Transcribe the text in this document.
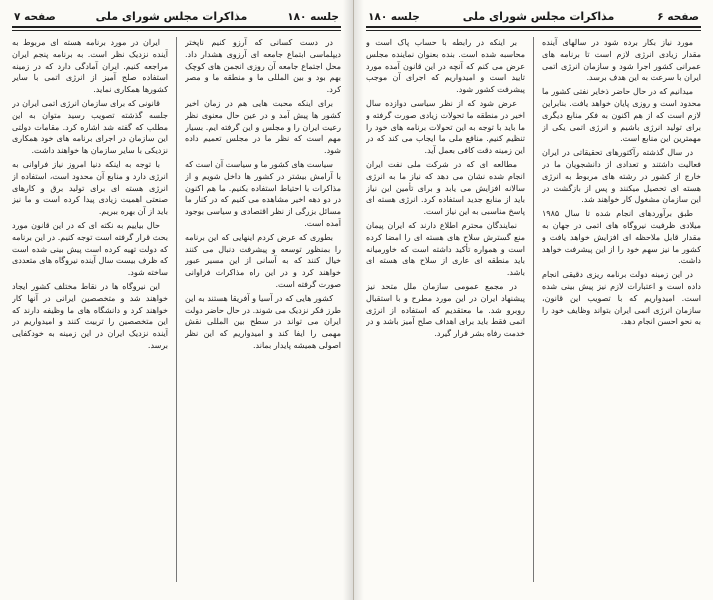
جلسه ۱۸۰
مذاکرات مجلس شورای ملی
صفحه ۷

در دست کسانی که آرزو کنیم ناپختر دیپلماسی ابتماع جامعه ای آرزوی هشدار داد. محل اجتماع جامعه آن روزی انجمن های کوچک بهم بود و بین المللی ما و منطقه ما و مصر کرد.

برای اینکه محبت هایی هم در زمان اخیر کشور ها پیش آمد و در عین حال معنوی نظر رعیت ایران را و مجلس و این گرفته ایم. بسیار مهم است که نظر ما در مجلس تعمیم داده شود.

سیاست های کشور ما و سیاست آن است که با آرامش بیشتر در کشور ها داخل شویم و از مذاکرات با احتیاط استفاده بکنیم. ما هم اکنون در دو دهه اخیر مشاهده می کنیم که در کنار ما مسائل بزرگی از نظر اقتصادی و سیاسی بوجود آمده است.

بطوری که عرض کردم اینهایی که این برنامه را بمنظور توسعه و پیشرفت دنبال می کنند خیال کنند که به آسانی از این مسیر عبور خواهند کرد و در این راه مذاکرات فراوانی صورت گرفته است.

کشور هایی که در آسیا و آفریقا هستند به این طرز فکر نزدیک می شوند. در حال حاضر دولت ایران می تواند در سطح بین المللی نقش مهمی را ایفا کند و امیدواریم که این نظر اصولی همیشه پایدار بماند.

ایران در مورد برنامه هسته ای مربوط به آینده نزدیک نظر است. به برنامه پنجم ایران مراجعه کنیم. ایران آمادگی دارد که در زمینه استفاده صلح آمیز از انرژی اتمی با سایر کشورها همکاری نماید.

قانونی که برای سازمان انرژی اتمی ایران در جلسه گذشته تصویب رسید متوان به این مطلب که گفته شد اشاره کرد. مقامات دولتی این سازمان در اجرای برنامه های خود همکاری نزدیکی با سایر سازمان ها خواهند داشت.

با توجه به اینکه دنیا امروز نیاز فراوانی به انرژی دارد و منابع آن محدود است، استفاده از انرژی هسته ای برای تولید برق و کارهای صنعتی اهمیت زیادی پیدا کرده است و ما نیز باید از آن بهره ببریم.

حال بیاییم به نکته ای که در این قانون مورد بحث قرار گرفته است توجه کنیم. در این برنامه که دولت تهیه کرده است پیش بینی شده است که ظرف بیست سال آینده نیروگاه های متعددی ساخته شود.

این نیروگاه ها در نقاط مختلف کشور ایجاد خواهند شد و متخصصین ایرانی در آنها کار خواهند کرد و دانشگاه های ما وظیفه دارند که این متخصصین را تربیت کنند و امیدواریم در آینده نزدیک ایران در این زمینه به خودکفایی برسد.

صفحه ۶
مذاکرات مجلس شورای ملی
جلسه ۱۸۰

مورد نیاز بکار برده شود در سالهای آینده مقدار زیادی انرژی لازم است تا برنامه های عمرانی کشور اجرا شود و سازمان انرژی اتمی ایران با سرعت به این هدف برسد.

میدانیم که در حال حاضر ذخایر نفتی کشور ما محدود است و روزی پایان خواهد یافت. بنابراین لازم است که از هم اکنون به فکر منابع دیگری برای تولید انرژی باشیم و انرژی اتمی یکی از مهمترین این منابع است.

در سال گذشته رآکتورهای تحقیقاتی در ایران فعالیت داشتند و تعدادی از دانشجویان ما در خارج از کشور در رشته های مربوط به انرژی هسته ای تحصیل میکنند و پس از بازگشت در این سازمان مشغول کار خواهند شد.

طبق برآوردهای انجام شده تا سال ۱۹۸۵ میلادی ظرفیت نیروگاه های اتمی در جهان به مقدار قابل ملاحظه ای افزایش خواهد یافت و کشور ما نیز سهم خود را از این پیشرفت خواهد داشت.

در این زمینه دولت برنامه ریزی دقیقی انجام داده است و اعتبارات لازم نیز پیش بینی شده است. امیدواریم که با تصویب این قانون، سازمان انرژی اتمی ایران بتواند وظایف خود را به نحو احسن انجام دهد.

بر اینکه در رابطه با حساب پاک است و محاسبه شده است. بنده بعنوان نماینده مجلس عرض می کنم که آنچه در این قانون آمده مورد تایید است و امیدواریم که اجرای آن موجب پیشرفت کشور شود.

عرض شود که از نظر سیاسی دوازده سال اخیر در منطقه ما تحولات زیادی صورت گرفته و ما باید با توجه به این تحولات برنامه های خود را تنظیم کنیم. منافع ملی ما ایجاب می کند که در این زمینه دقت کافی بعمل آید.

مطالعه ای که در شرکت ملی نفت ایران انجام شده نشان می دهد که نیاز ما به انرژی سالانه افزایش می یابد و برای تأمین این نیاز باید از منابع جدید استفاده کرد. انرژی هسته ای پاسخ مناسبی به این نیاز است.

نمایندگان محترم اطلاع دارند که ایران پیمان منع گسترش سلاح های هسته ای را امضا کرده است و همواره تأکید داشته است که خاورمیانه باید منطقه ای عاری از سلاح های هسته ای باشد.

در مجمع عمومی سازمان ملل متحد نیز پیشنهاد ایران در این مورد مطرح و با استقبال روبرو شد. ما معتقدیم که استفاده از انرژی اتمی فقط باید برای اهداف صلح آمیز باشد و در خدمت رفاه بشر قرار گیرد.
